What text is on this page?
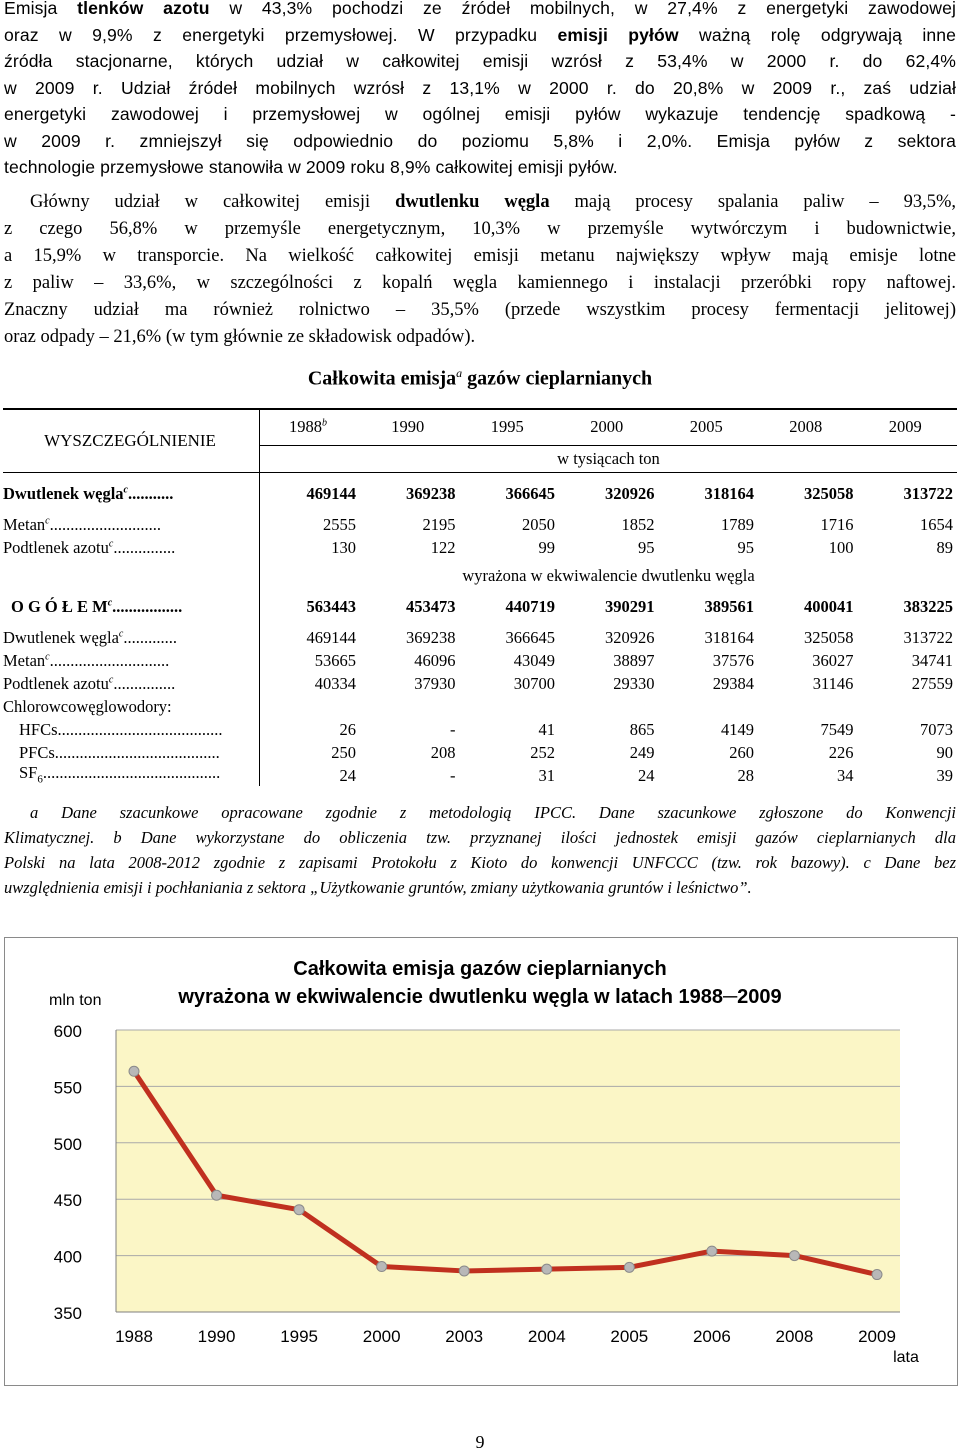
Emisja tlenków azotu w 43,3% pochodzi ze źródeł mobilnych, w 27,4% z energetyki zawodowej
oraz w 9,9% z energetyki przemysłowej. W przypadku emisji pyłów ważną rolę odgrywają inne
źródła stacjonarne, których udział w całkowitej emisji wzrósł z 53,4% w 2000 r. do 62,4%
w 2009 r. Udział źródeł mobilnych wzrósł z 13,1% w 2000 r. do 20,8% w 2009 r., zaś udział
energetyki zawodowej i przemysłowej w ogólnej emisji pyłów wykazuje tendencję spadkową -
w 2009 r. zmniejszył się odpowiednio do poziomu 5,8% i 2,0%. Emisja pyłów z sektora
technologie przemysłowe stanowiła w 2009 roku 8,9% całkowitej emisji pyłów.
Główny udział w całkowitej emisji dwutlenku węgla mają procesy spalania paliw – 93,5%,
z czego 56,8% w przemyśle energetycznym, 10,3% w przemyśle wytwórczym i budownictwie,
a 15,9% w transporcie. Na wielkość całkowitej emisji metanu największy wpływ mają emisje lotne
z paliw – 33,6%, w szczególności z kopalń węgla kamiennego i instalacji przeróbki ropy naftowej.
Znaczny udział ma również rolnictwo – 35,5% (przede wszystkim procesy fermentacji jelitowej)
oraz odpady – 21,6% (w tym głównie ze składowisk odpadów).
Całkowita emisja$^a$ gazów cieplarnianych
WYSZCZEGÓLNIENIE	1988$^b$	1990	1995	2000	2005	2008	2009
	w tysiącach ton						

Dwutlenek węgla$^c$...........	469144	369238	366645	320926	318164	325058	313722

Metan$^c$...........................	2555	2195	2050	1852	1789	1716	1654
Podtlenek azotu$^c$...............	130	122	99	95	95	100	89
	wyrażona w ekwiwalencie dwutlenku węgla						

O G Ó Ł E $M^c$.................	563443	453473	440719	390291	389561	400041	383225

Dwutlenek węgla$^c$.............	469144	369238	366645	320926	318164	325058	313722
Metan$^c$.............................	53665	46096	43049	38897	37576	36027	34741
Podtlenek azotu$^c$...............	40334	37930	30700	29330	29384	31146	27559
Chlorowcowęglowodory:							
HFCs........................................	26	-	41	865	4149	7549	7073
PFCs........................................	250	208	252	249	260	226	90
$SF_6$...........................................	24	-	31	24	28	34	39
a Dane szacunkowe opracowane zgodnie z metodologią IPCC. Dane szacunkowe zgłoszone do Konwencji
Klimatycznej. b Dane wykorzystane do obliczenia tzw. przyznanej ilości jednostek emisji gazów cieplarnianych dla
Polski na lata 2008-2012 zgodnie z zapisami Protokołu z Kioto do konwencji UNFCCC (tzw. rok bazowy). c Dane bez
uwzględnienia emisji i pochłaniania z sektora „Użytkowanie gruntów, zmiany użytkowania gruntów i leśnictwo”.
Całkowita emisja gazów cieplarnianych
wyrażona w ekwiwalencie dwutlenku węgla w latach 1988─2009
mln ton
600
550
500
450
400
350
1988	1990	1995	2000	2003	2004	2005	2006	2008	2009
lata
9
